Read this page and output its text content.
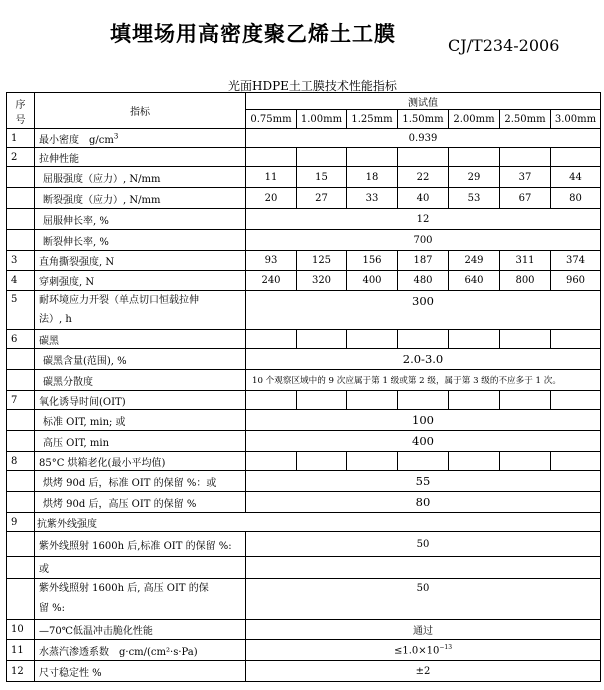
填埋场用高密度聚乙烯土工膜	CJ/T234-2006
光面HDPE土工膜技术性能指标
序
号	指标	测试值						
		0.75mm	1.00mm	1.25mm	1.50mm	2.00mm	2.50mm	3.00mm
1	最小密度　$g/cm^3$	0.939						
2	拉伸性能							
	屈服强度（应力）, N/mm	11	15	18	22	29	37	44
	断裂强度（应力）, N/mm	20	27	33	40	53	67	80
	屈服伸长率, %	12						
	断裂伸长率, %	700						
3	直角撕裂强度, N	93	125	156	187	249	311	374
4	穿刺强度, N	240	320	400	480	640	800	960
5	耐环境应力开裂（单点切口恒载拉伸
法）, h	300						
6	碳黑							
	碳黑含量(范围), %	2.0-3.0						
	碳黑分散度	10 个观察区域中的 9 次应属于第 1 级或第 2 级，属于第 3 级的不应多于 1 次。						
7	氧化诱导时间(OIT)							
	标准 OIT, min; 或	100						
	高压 OIT, min	400						
8	85°C 烘箱老化(最小平均值)							
	烘烤 90d 后，标准 OIT 的保留 %：或	55						
	烘烤 90d 后，高压 OIT 的保留 %	80						
9	抗紫外线强度							
	紫外线照射 1600h 后,标准 OIT 的保留 %:	50						
	或							
	紫外线照射 1600h 后, 高压 OIT 的保
留 %:	50						
10	—70℃低温冲击脆化性能	通过						
11	水蒸汽渗透系数　g·cm/(cm²·s·Pa)	$\le 1.0\times 10^{-13}$
12	尺寸稳定性 %	±2						
